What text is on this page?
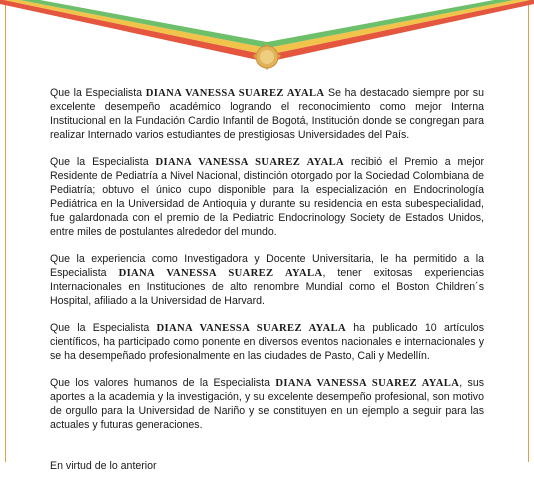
Que la Especialista DIANA VANESSA SUAREZ AYALA Se ha destacado siempre por su excelente desempeño académico logrando el reconocimiento como mejor Interna Institucional en la Fundación Cardio Infantil de Bogotá, Institución donde se congregan para realizar Internado varios estudiantes de prestigiosas Universidades del País.

Que la Especialista DIANA VANESSA SUAREZ AYALA recibió el Premio a mejor Residente de Pediatría a Nivel Nacional, distinción otorgado por la Sociedad Colombiana de Pediatría; obtuvo el único cupo disponible para la especialización en Endocrinología Pediátrica en la Universidad de Antioquia y durante su residencia en esta subespecialidad, fue galardonada con el premio de la Pediatric Endocrinology Society de Estados Unidos, entre miles de postulantes alrededor del mundo.

Que la experiencia como Investigadora y Docente Universitaria, le ha permitido a la Especialista DIANA VANESSA SUAREZ AYALA, tener exitosas experiencias Internacionales en Instituciones de alto renombre Mundial como el Boston Children´s Hospital, afiliado a la Universidad de Harvard.

Que la Especialista DIANA VANESSA SUAREZ AYALA ha publicado 10 artículos científicos, ha participado como ponente en diversos eventos nacionales e internacionales y se ha desempeñado profesionalmente en las ciudades de Pasto, Cali y Medellín.

Que los valores humanos de la Especialista DIANA VANESSA SUAREZ AYALA, sus aportes a la academia y la investigación, y su excelente desempeño profesional, son motivo de orgullo para la Universidad de Nariño y se constituyen en un ejemplo a seguir para las actuales y futuras generaciones.

En virtud de lo anterior
